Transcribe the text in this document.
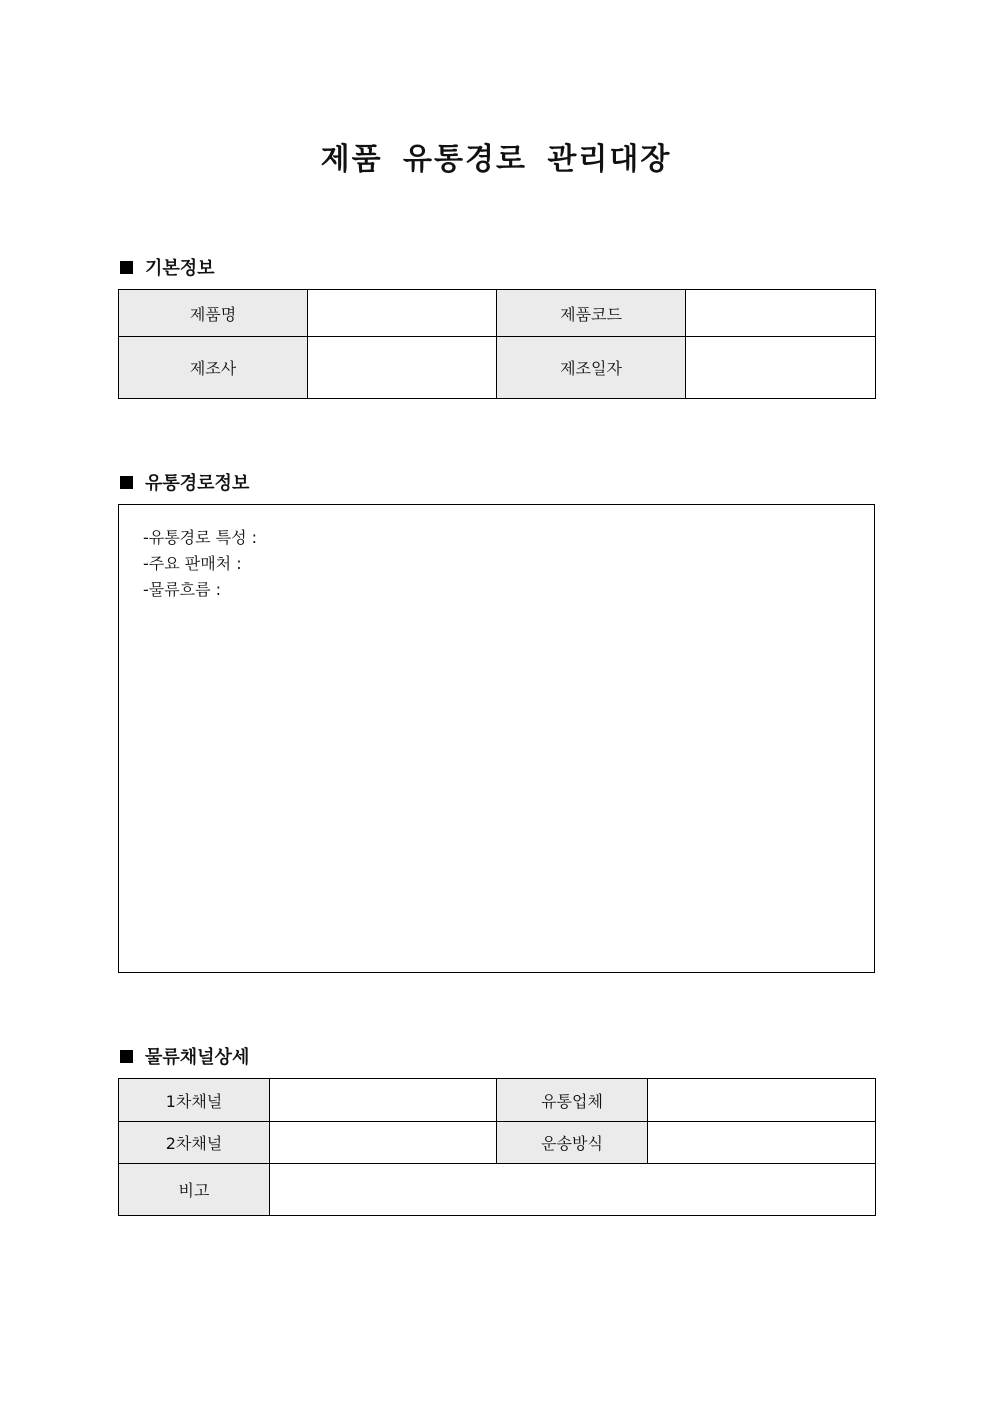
제품 유통경로 관리대장
기본정보
제품명		제품코드	
제조사		제조일자	
유통경로정보
-유통경로 특성 :
-주요 판매처 :
-물류흐름 :
물류채널상세
1차채널		유통업체	
2차채널		운송방식	
비고			
